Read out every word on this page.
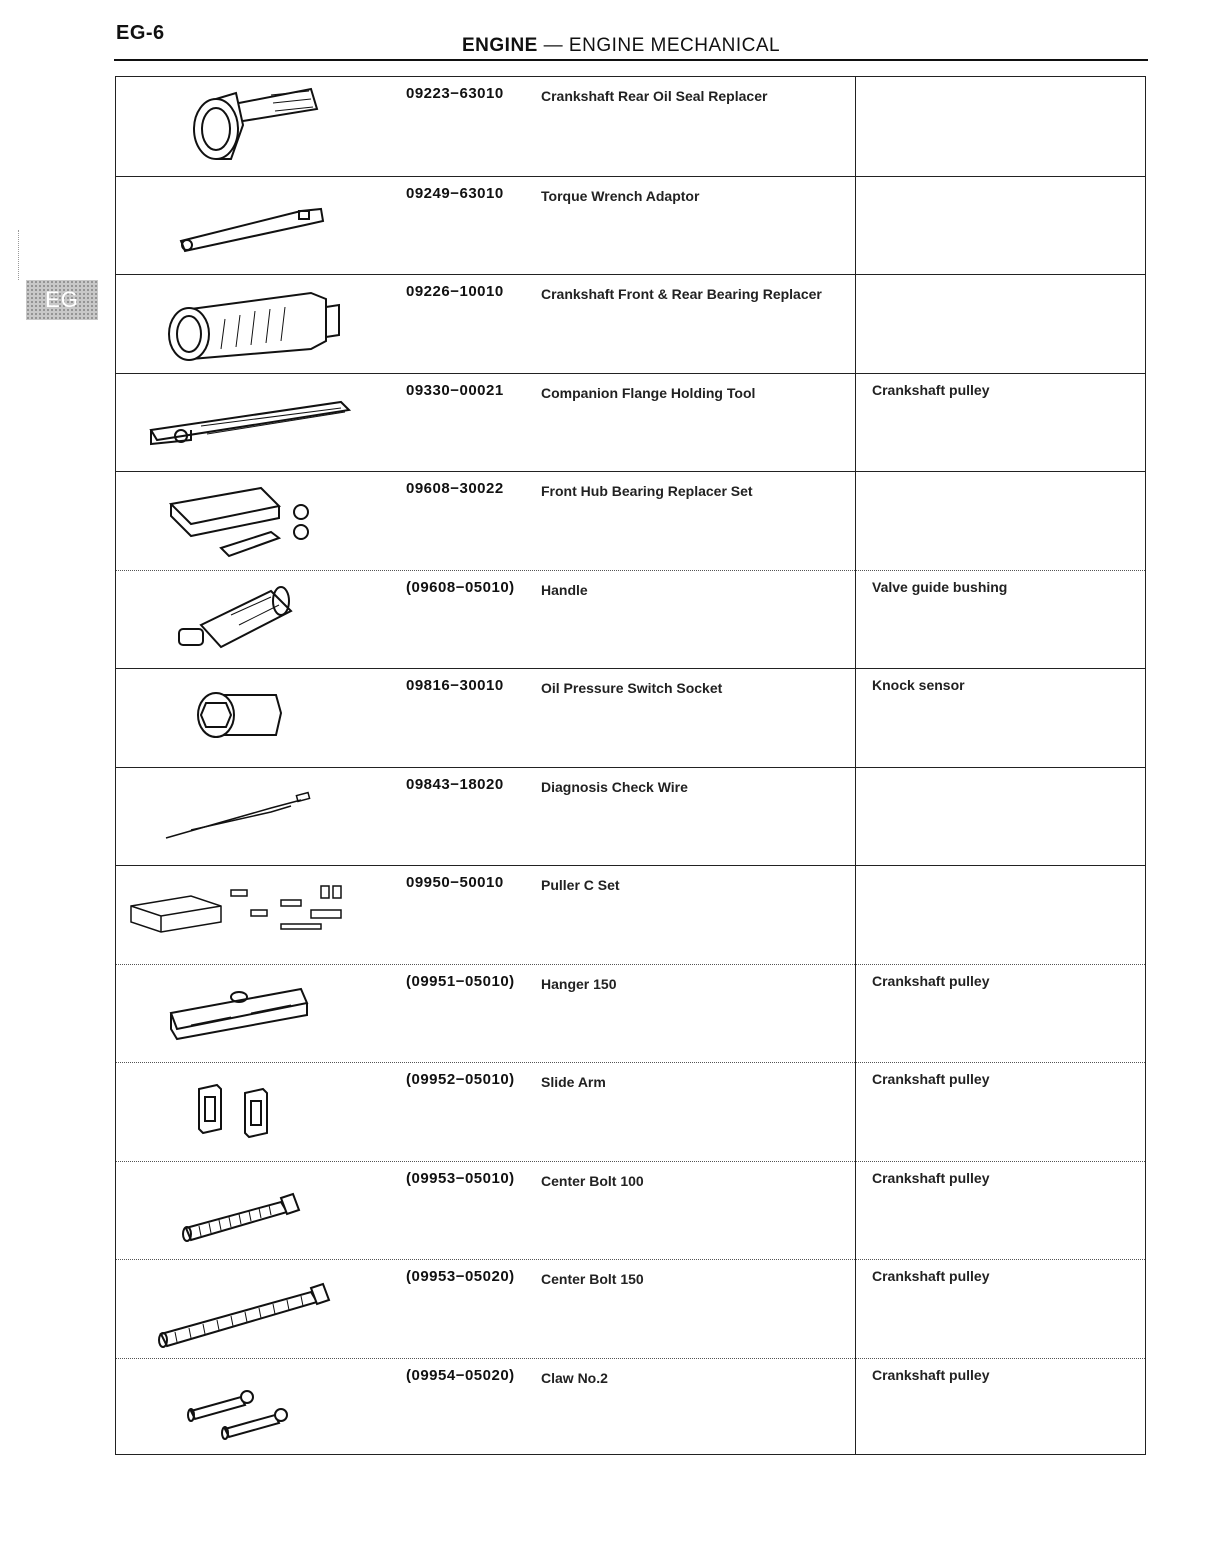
EG-6
ENGINE — ENGINE MECHANICAL
EG
09223−63010	Crankshaft Rear Oil Seal Replacer
09249−63010	Torque Wrench Adaptor
09226−10010	Crankshaft Front & Rear Bearing Replacer
09330−00021	Companion Flange Holding Tool	Crankshaft pulley
09608−30022	Front Hub Bearing Replacer Set
(09608−05010) Handle	Valve guide bushing
09816−30010	Oil Pressure Switch Socket	Knock sensor
09843−18020	Diagnosis Check Wire
09950−50010	Puller C Set
(09951−05010) Hanger 150	Crankshaft pulley
(09952−05010) Slide Arm	Crankshaft pulley
(09953−05010) Center Bolt 100	Crankshaft pulley
(09953−05020) Center Bolt 150	Crankshaft pulley
(09954−05020) Claw No.2	Crankshaft pulley
